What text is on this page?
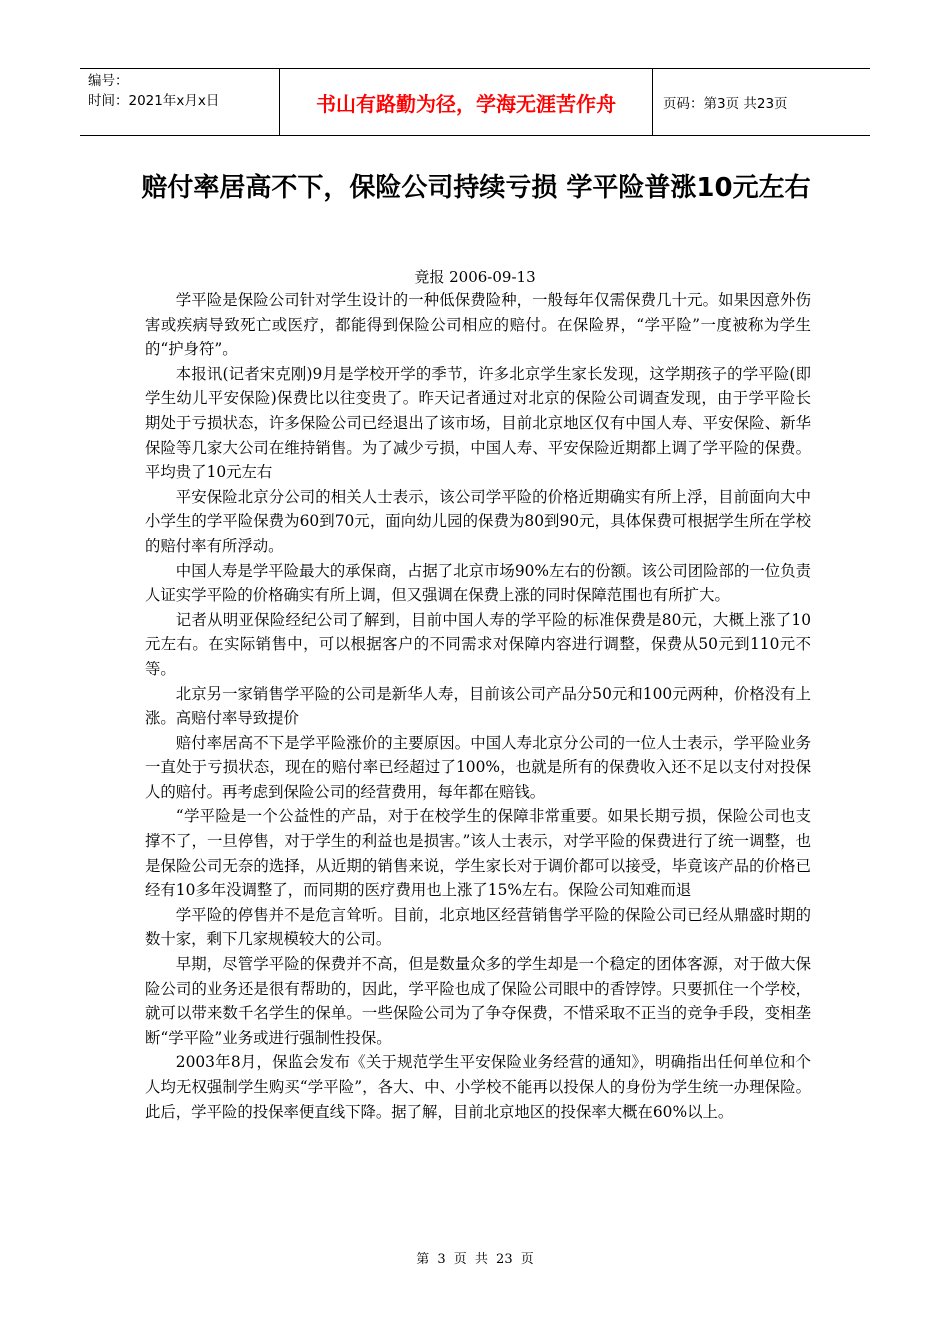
编号：
时间：2021年x月x日	书山有路勤为径，学海无涯苦作舟	页码：第3页 共23页
赔付率居高不下，保险公司持续亏损 学平险普涨10元左右
竟报 2006-09-13

学平险是保险公司针对学生设计的一种低保费险种，一般每年仅需保费几十元。如果因意外伤害或疾病导致死亡或医疗，都能得到保险公司相应的赔付。在保险界，“学平险”一度被称为学生的“护身符”。

本报讯(记者宋克刚)9月是学校开学的季节，许多北京学生家长发现，这学期孩子的学平险(即学生幼儿平安保险)保费比以往变贵了。昨天记者通过对北京的保险公司调查发现，由于学平险长期处于亏损状态，许多保险公司已经退出了该市场，目前北京地区仅有中国人寿、平安保险、新华保险等几家大公司在维持销售。为了减少亏损，中国人寿、平安保险近期都上调了学平险的保费。平均贵了10元左右

平安保险北京分公司的相关人士表示，该公司学平险的价格近期确实有所上浮，目前面向大中小学生的学平险保费为60到70元，面向幼儿园的保费为80到90元，具体保费可根据学生所在学校的赔付率有所浮动。

中国人寿是学平险最大的承保商，占据了北京市场90%左右的份额。该公司团险部的一位负责人证实学平险的价格确实有所上调，但又强调在保费上涨的同时保障范围也有所扩大。

记者从明亚保险经纪公司了解到，目前中国人寿的学平险的标准保费是80元，大概上涨了10元左右。在实际销售中，可以根据客户的不同需求对保障内容进行调整，保费从50元到110元不等。

北京另一家销售学平险的公司是新华人寿，目前该公司产品分50元和100元两种，价格没有上涨。高赔付率导致提价

赔付率居高不下是学平险涨价的主要原因。中国人寿北京分公司的一位人士表示，学平险业务一直处于亏损状态，现在的赔付率已经超过了100%，也就是所有的保费收入还不足以支付对投保人的赔付。再考虑到保险公司的经营费用，每年都在赔钱。

“学平险是一个公益性的产品，对于在校学生的保障非常重要。如果长期亏损，保险公司也支撑不了，一旦停售，对于学生的利益也是损害。”该人士表示，对学平险的保费进行了统一调整，也是保险公司无奈的选择，从近期的销售来说，学生家长对于调价都可以接受，毕竟该产品的价格已经有10多年没调整了，而同期的医疗费用也上涨了15%左右。保险公司知难而退

学平险的停售并不是危言耸听。目前，北京地区经营销售学平险的保险公司已经从鼎盛时期的数十家，剩下几家规模较大的公司。

早期，尽管学平险的保费并不高，但是数量众多的学生却是一个稳定的团体客源，对于做大保险公司的业务还是很有帮助的，因此，学平险也成了保险公司眼中的香饽饽。只要抓住一个学校，就可以带来数千名学生的保单。一些保险公司为了争夺保费，不惜采取不正当的竞争手段，变相垄断“学平险”业务或进行强制性投保。

2003年8月，保监会发布《关于规范学生平安保险业务经营的通知》，明确指出任何单位和个人均无权强制学生购买“学平险”，各大、中、小学校不能再以投保人的身份为学生统一办理保险。此后，学平险的投保率便直线下降。据了解，目前北京地区的投保率大概在60%以上。

第 3 页 共 23 页
